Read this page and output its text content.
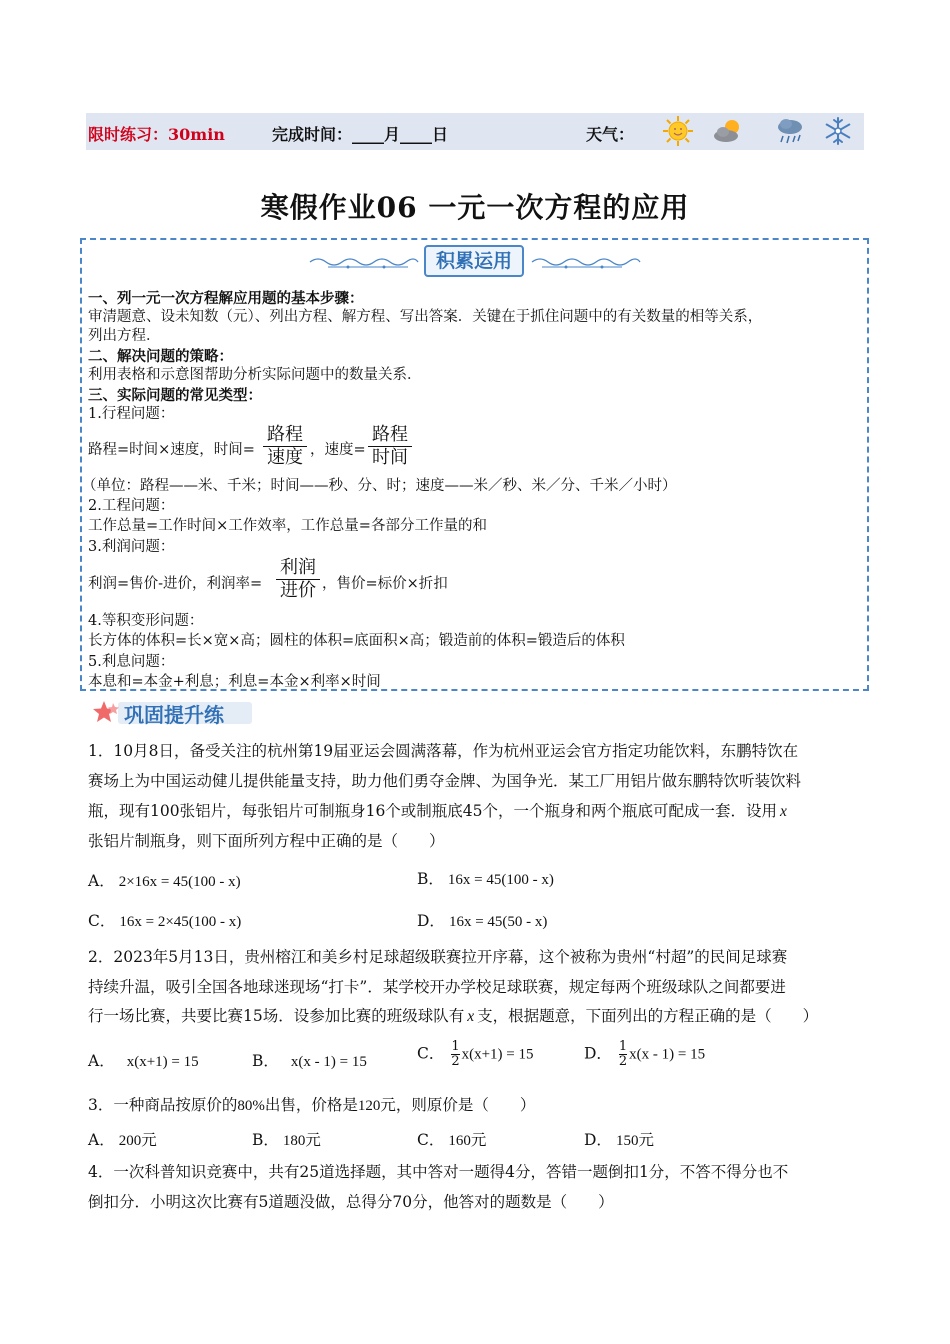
限时练习：30min	完成时间：____月____日	天气：
寒假作业06 一元一次方程的应用
积累运用
一、列一元一次方程解应用题的基本步骤：
审清题意、设未知数（元）、列出方程、解方程、写出答案．关键在于抓住问题中的有关数量的相等关系，
列出方程．
二、解决问题的策略：
利用表格和示意图帮助分析实际问题中的数量关系．
三、实际问题的常见类型：
1.行程问题：
路程=时间×速度，时间=
路程
速度 ，速度=
路程
时间
（单位：路程——米、千米；时间——秒、分、时；速度——米／秒、米／分、千米／小时）
2.工程问题：
工作总量=工作时间×工作效率，工作总量=各部分工作量的和
3.利润问题：
利润=售价-进价，利润率=
利润
进价 ，售价=标价×折扣
4.等积变形问题：
长方体的体积=长×宽×高；圆柱的体积=底面积×高；锻造前的体积=锻造后的体积
5.利息问题：
本息和=本金+利息；利息=本金×利率×时间
巩固提升练
1．10月8日，备受关注的杭州第19届亚运会圆满落幕，作为杭州亚运会官方指定功能饮料，东鹏特饮在
赛场上为中国运动健儿提供能量支持，助力他们勇夺金牌、为国争光．某工厂用铝片做东鹏特饮听装饮料
瓶，现有100张铝片，每张铝片可制瓶身16个或制瓶底45个，一个瓶身和两个瓶底可配成一套．设用 x
张铝片制瓶身，则下面所列方程中正确的是（　　）
A． 2×16x = 45(100 - x)	B． 16x = 45(100 - x)
C． 16x = 2×45(100 - x)	D． 16x = 45(50 - x)
2．2023年5月13日，贵州榕江和美乡村足球超级联赛拉开序幕，这个被称为贵州“村超”的民间足球赛
持续升温，吸引全国各地球迷现场“打卡”．某学校开办学校足球联赛，规定每两个班级球队之间都要进
行一场比赛，共要比赛15场．设参加比赛的班级球队有 x 支，根据题意，下面列出的方程正确的是（　　）
A． x(x+1) = 15	B． x(x - 1) = 15	C． $\frac{1}{2} x(x+1) = 15$	D． $\frac{1}{2} x(x - 1) = 15$
3．一种商品按原价的80%出售，价格是120元，则原价是（　　）
A． 200元	B． 180元	C． 160元	D． 150元
4．一次科普知识竞赛中，共有25道选择题，其中答对一题得4分，答错一题倒扣1分，不答不得分也不
倒扣分．小明这次比赛有5道题没做，总得分70分，他答对的题数是（　　）
